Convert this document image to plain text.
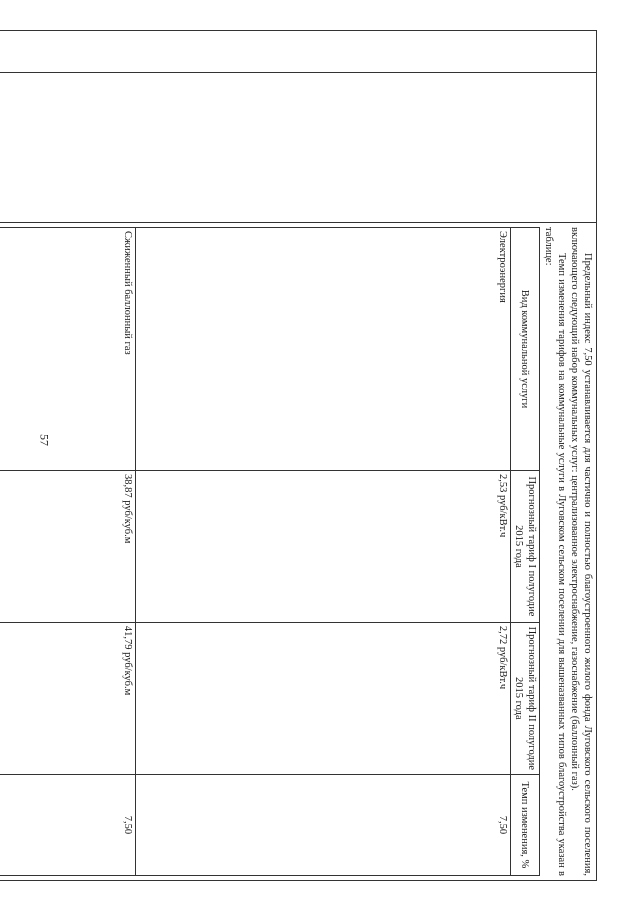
57
			Предельный индекс 7,50 устанавливается для частично и полностью благоустроенного жилого фонда Луговского сельского поселения, включающего следующий набор коммунальных услуг: централизованное электроснабжение, газоснабжение (баллонный газ).

Темп изменения тарифов на коммунальные услуги в Луговском сельском поселении для вышеназванных типов благоустройства указан в таблице:

Вид коммунальной услуги	Прогнозный тариф I полугодие 2015 года	Прогнозный тариф II полугодие 2015 года	Темп изменения, %
Электроэнергия	2,53 руб/кВт.ч	2,72 руб/кВт.ч	7,50
Сжиженный баллонный газ	38,87 руб/куб.м	41,79 руб/куб.м	7,50
